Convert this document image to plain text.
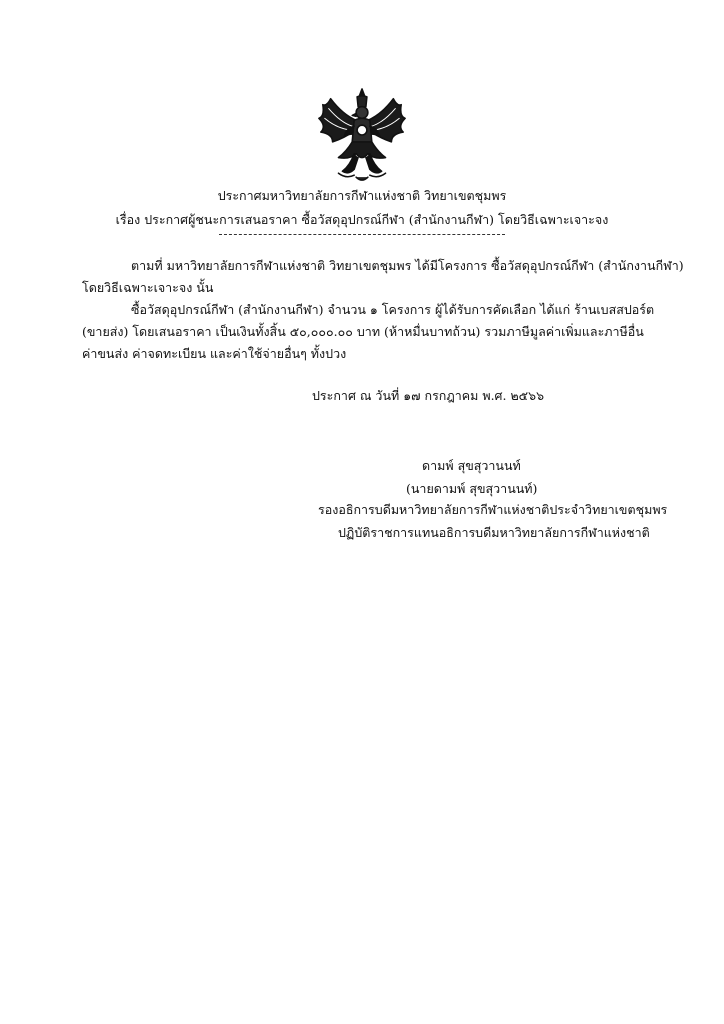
ประกาศมหาวิทยาลัยการกีฬาแห่งชาติ วิทยาเขตชุมพร
เรื่อง ประกาศผู้ชนะการเสนอราคา ซื้อวัสดุอุปกรณ์กีฬา (สำนักงานกีฬา) โดยวิธีเฉพาะเจาะจง
ตามที่ มหาวิทยาลัยการกีฬาแห่งชาติ วิทยาเขตชุมพร ได้มีโครงการ ซื้อวัสดุอุปกรณ์กีฬา (สำนักงานกีฬา)
โดยวิธีเฉพาะเจาะจง นั้น
ซื้อวัสดุอุปกรณ์กีฬา (สำนักงานกีฬา) จำนวน ๑ โครงการ ผู้ได้รับการคัดเลือก ได้แก่ ร้านเบสสปอร์ต
(ขายส่ง) โดยเสนอราคา เป็นเงินทั้งสิ้น ๕๐,๐๐๐.๐๐ บาท (ห้าหมื่นบาทถ้วน) รวมภาษีมูลค่าเพิ่มและภาษีอื่น
ค่าขนส่ง ค่าจดทะเบียน และค่าใช้จ่ายอื่นๆ ทั้งปวง
ประกาศ ณ วันที่ ๑๗ กรกฎาคม พ.ศ. ๒๕๖๖
ดามพ์ สุขสุวานนท์
(นายดามพ์ สุขสุวานนท์)
รองอธิการบดีมหาวิทยาลัยการกีฬาแห่งชาติประจำวิทยาเขตชุมพร
ปฏิบัติราชการแทนอธิการบดีมหาวิทยาลัยการกีฬาแห่งชาติ
